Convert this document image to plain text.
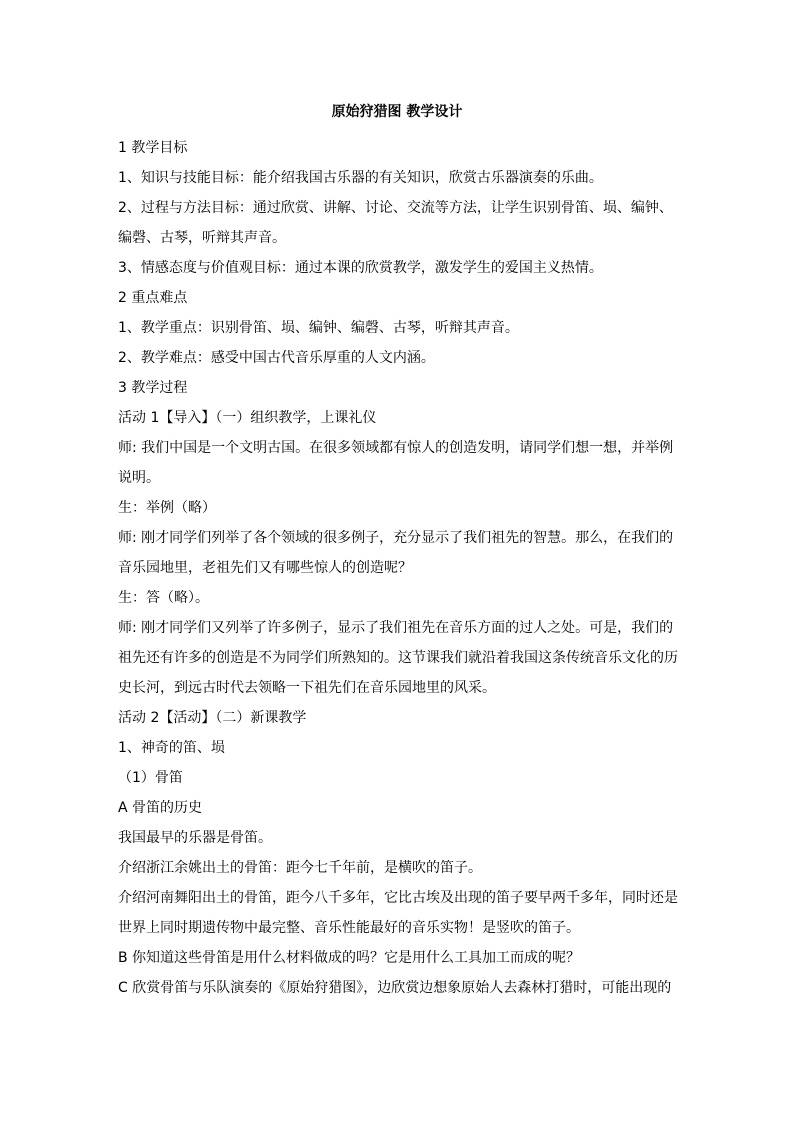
原始狩猎图 教学设计

1 教学目标

1、知识与技能目标：能介绍我国古乐器的有关知识，欣赏古乐器演奏的乐曲。

2、过程与方法目标：通过欣赏、讲解、讨论、交流等方法，让学生识别骨笛、埙、编钟、

编磬、古琴，听辩其声音。

3、情感态度与价值观目标：通过本课的欣赏教学，激发学生的爱国主义热情。

2 重点难点

1、教学重点：识别骨笛、埙、编钟、编磬、古琴，听辩其声音。

2、教学难点：感受中国古代音乐厚重的人文内涵。

3 教学过程

活动 1【导入】（一）组织教学，上课礼仪

师: 我们中国是一个文明古国。在很多领域都有惊人的创造发明，请同学们想一想，并举例

说明。

生：举例（略）

师: 刚才同学们列举了各个领域的很多例子，充分显示了我们祖先的智慧。那么，在我们的

音乐园地里，老祖先们又有哪些惊人的创造呢？

生：答（略）。

师: 刚才同学们又列举了许多例子，显示了我们祖先在音乐方面的过人之处。可是，我们的

祖先还有许多的创造是不为同学们所熟知的。这节课我们就沿着我国这条传统音乐文化的历

史长河，到远古时代去领略一下祖先们在音乐园地里的风采。

活动 2【活动】（二）新课教学

1、神奇的笛、埙

（1）骨笛

A 骨笛的历史

我国最早的乐器是骨笛。

介绍浙江余姚出土的骨笛：距今七千年前，是横吹的笛子。

介绍河南舞阳出土的骨笛，距今八千多年，它比古埃及出现的笛子要早两千多年，同时还是

世界上同时期遗传物中最完整、音乐性能最好的音乐实物！是竖吹的笛子。

B 你知道这些骨笛是用什么材料做成的吗？它是用什么工具加工而成的呢？

C 欣赏骨笛与乐队演奏的《原始狩猎图》，边欣赏边想象原始人去森林打猎时，可能出现的
